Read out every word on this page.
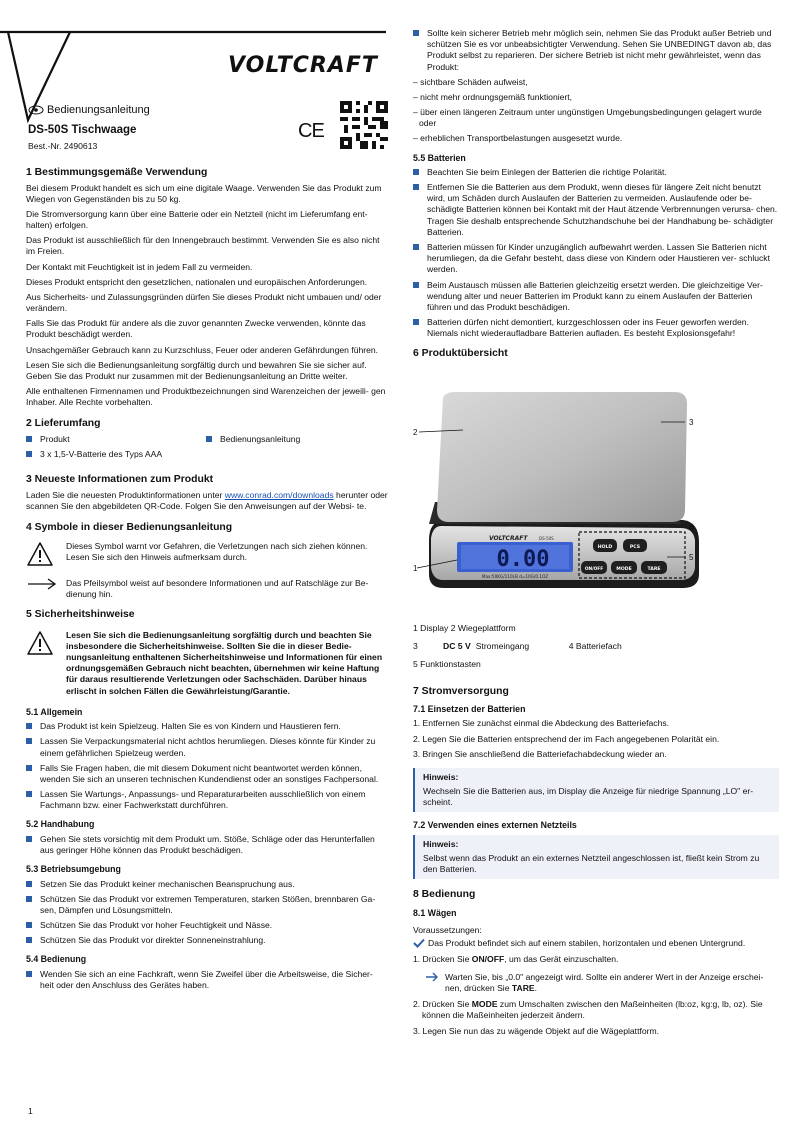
VOLTCRAFT
Bedienungsanleitung
DS-50S Tischwaage
Best.-Nr. 2490613
CE
1 Bestimmungsgemäße Verwendung

Bei diesem Produkt handelt es sich um eine digitale Waage. Verwenden Sie das Produkt zum Wiegen von Gegenständen bis zu 50 kg.

Die Stromversorgung kann über eine Batterie oder ein Netzteil (nicht im Lieferumfang ent- halten) erfolgen.

Das Produkt ist ausschließlich für den Innengebrauch bestimmt. Verwenden Sie es also nicht im Freien.

Der Kontakt mit Feuchtigkeit ist in jedem Fall zu vermeiden.

Dieses Produkt entspricht den gesetzlichen, nationalen und europäischen Anforderungen.

Aus Sicherheits- und Zulassungsgründen dürfen Sie dieses Produkt nicht umbauen und/ oder verändern.

Falls Sie das Produkt für andere als die zuvor genannten Zwecke verwenden, könnte das Produkt beschädigt werden.

Unsachgemäßer Gebrauch kann zu Kurzschluss, Feuer oder anderen Gefährdungen führen.

Lesen Sie sich die Bedienungsanleitung sorgfältig durch und bewahren Sie sie sicher auf. Geben Sie das Produkt nur zusammen mit der Bedienungsanleitung an Dritte weiter.

Alle enthaltenen Firmennamen und Produktbezeichnungen sind Warenzeichen der jeweili- gen Inhaber. Alle Rechte vorbehalten.

2 Lieferumfang
Produkt	Bedienungsanleitung
3 x 1,5-V-Batterie des Typs AAA
3 Neueste Informationen zum Produkt

Laden Sie die neuesten Produktinformationen unter www.conrad.com/downloads herunter oder scannen Sie den abgebildeten QR-Code. Folgen Sie den Anweisungen auf der Websi- te.

4 Symbole in dieser Bedienungsanleitung
Dieses Symbol warnt vor Gefahren, die Verletzungen nach sich ziehen können. Lesen Sie sich den Hinweis aufmerksam durch.
Das Pfeilsymbol weist auf besondere Informationen und auf Ratschläge zur Be- dienung hin.
5 Sicherheitshinweise
Lesen Sie sich die Bedienungsanleitung sorgfältig durch und beachten Sie insbesondere die Sicherheitshinweise. Sollten Sie die in dieser Bedie- nungsanleitung enthaltenen Sicherheitshinweise und Informationen für einen ordnungsgemäßen Gebrauch nicht beachten, übernehmen wir keine Haftung für daraus resultierende Verletzungen oder Sachschäden. Darüber hinaus erlischt in solchen Fällen die Gewährleistung/Garantie.
5.1 Allgemein
Das Produkt ist kein Spielzeug. Halten Sie es von Kindern und Haustieren fern.
Lassen Sie Verpackungsmaterial nicht achtlos herumliegen. Dieses könnte für Kinder zu einem gefährlichen Spielzeug werden.
Falls Sie Fragen haben, die mit diesem Dokument nicht beantwortet werden können, wenden Sie sich an unseren technischen Kundendienst oder an sonstiges Fachpersonal.
Lassen Sie Wartungs-, Anpassungs- und Reparaturarbeiten ausschließlich von einem Fachmann bzw. einer Fachwerkstatt durchführen.
5.2 Handhabung
Gehen Sie stets vorsichtig mit dem Produkt um. Stöße, Schläge oder das Herunterfallen aus geringer Höhe können das Produkt beschädigen.
5.3 Betriebsumgebung
Setzen Sie das Produkt keiner mechanischen Beanspruchung aus.
Schützen Sie das Produkt vor extremen Temperaturen, starken Stößen, brennbaren Ga- sen, Dämpfen und Lösungsmitteln.
Schützen Sie das Produkt vor hoher Feuchtigkeit und Nässe.
Schützen Sie das Produkt vor direkter Sonneneinstrahlung.
5.4 Bedienung
Wenden Sie sich an eine Fachkraft, wenn Sie Zweifel über die Arbeitsweise, die Sicher- heit oder den Anschluss des Gerätes haben.
1
Sollte kein sicherer Betrieb mehr möglich sein, nehmen Sie das Produkt außer Betrieb und schützen Sie es vor unbeabsichtigter Verwendung. Sehen Sie UNBEDINGT davon ab, das Produkt selbst zu reparieren. Der sichere Betrieb ist nicht mehr gewährleistet, wenn das Produkt:
– sichtbare Schäden aufweist,
– nicht mehr ordnungsgemäß funktioniert,
– über einen längeren Zeitraum unter ungünstigen Umgebungsbedingungen gelagert wurde oder
– erheblichen Transportbelastungen ausgesetzt wurde.
5.5 Batterien
Beachten Sie beim Einlegen der Batterien die richtige Polarität.
Entfernen Sie die Batterien aus dem Produkt, wenn dieses für längere Zeit nicht benutzt wird, um Schäden durch Auslaufen der Batterien zu vermeiden. Auslaufende oder be- schädigte Batterien können bei Kontakt mit der Haut ätzende Verbrennungen verursa- chen. Tragen Sie deshalb entsprechende Schutzhandschuhe bei der Handhabung be- schädigter Batterien.
Batterien müssen für Kinder unzugänglich aufbewahrt werden. Lassen Sie Batterien nicht herumliegen, da die Gefahr besteht, dass diese von Kindern oder Haustieren ver- schluckt werden.
Beim Austausch müssen alle Batterien gleichzeitig ersetzt werden. Die gleichzeitige Ver- wendung alter und neuer Batterien im Produkt kann zu einem Auslaufen der Batterien führen und das Produkt beschädigen.
Batterien dürfen nicht demontiert, kurzgeschlossen oder ins Feuer geworfen werden. Niemals nicht wiederaufladbare Batterien aufladen. Es besteht Explosionsgefahr!
6 Produktübersicht
0.00
VOLTCRAFT	DS-50S
Max:50KG/110LB d=10G/0.1OZ
HOLD	PCS
ON/OFF	MODE	TARE
1
2
3
4
5
1 Display 2 Wiegeplattform
3	DC 5 V Stromeingang	4 Batteriefach
5 Funktionstasten
7 Stromversorgung
7.1 Einsetzen der Batterien

1. Entfernen Sie zunächst einmal die Abdeckung des Batteriefachs.

2. Legen Sie die Batterien entsprechend der im Fach angegebenen Polarität ein.

3. Bringen Sie anschließend die Batteriefachabdeckung wieder an.

Hinweis:
Wechseln Sie die Batterien aus, im Display die Anzeige für niedrige Spannung „LO" er- scheint.
7.2 Verwenden eines externen Netzteils
Hinweis:
Selbst wenn das Produkt an ein externes Netzteil angeschlossen ist, fließt kein Strom zu den Batterien.
8 Bedienung
8.1 Wägen

Voraussetzungen:

Das Produkt befindet sich auf einem stabilen, horizontalen und ebenen Untergrund.

1. Drücken Sie ON/OFF, um das Gerät einzuschalten.

Warten Sie, bis „0.0" angezeigt wird. Sollte ein anderer Wert in der Anzeige erschei- nen, drücken Sie TARE.

2. Drücken Sie MODE zum Umschalten zwischen den Maßeinheiten (lb:oz, kg:g, lb, oz). Sie können die Maßeinheiten jederzeit ändern.

3. Legen Sie nun das zu wägende Objekt auf die Wägeplattform.
